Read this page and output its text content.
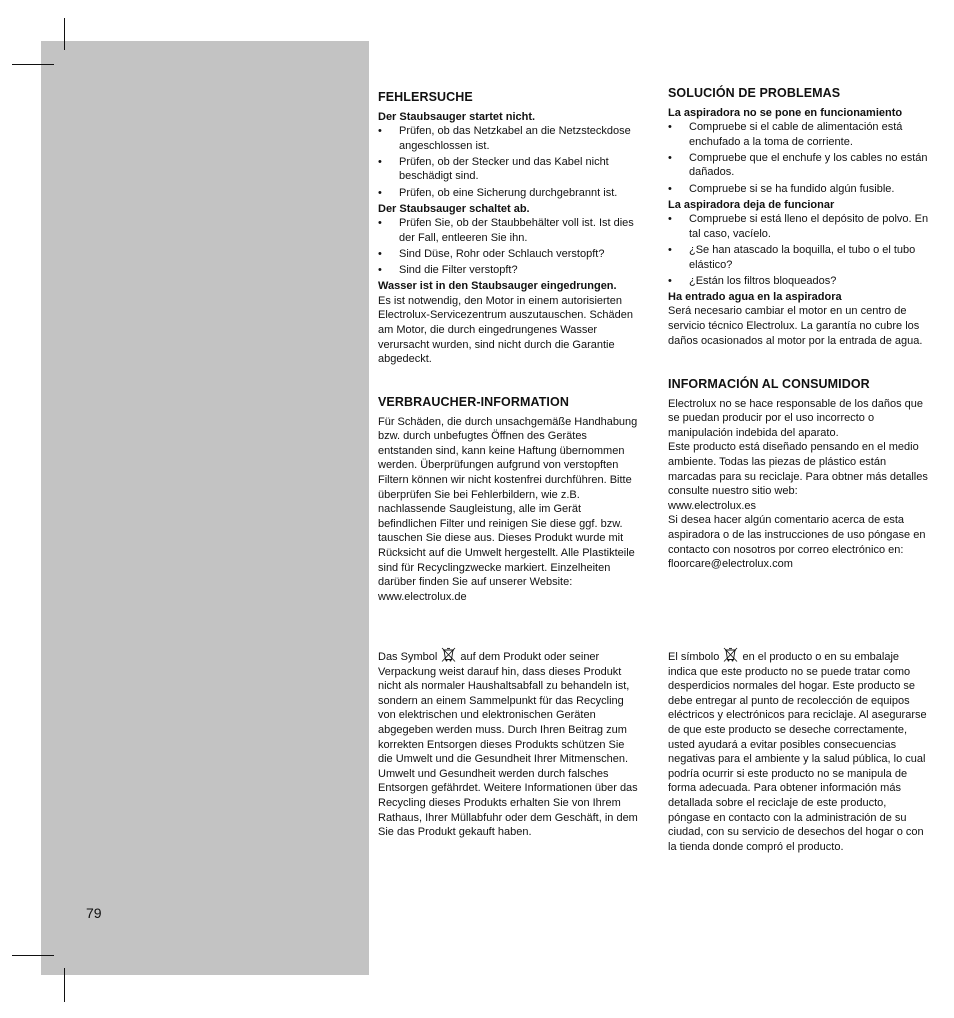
79
FEHLERSUCHE

Der Staubsauger startet nicht.

• Prüfen, ob das Netzkabel an die Netzsteckdose angeschlossen ist.
• Prüfen, ob der Stecker und das Kabel nicht beschädigt sind.
• Prüfen, ob eine Sicherung durchgebrannt ist.

Der Staubsauger schaltet ab.

• Prüfen Sie, ob der Staubbehälter voll ist. Ist dies der Fall, entleeren Sie ihn.
• Sind Düse, Rohr oder Schlauch verstopft?
• Sind die Filter verstopft?

Wasser ist in den Staubsauger eingedrungen.

Es ist notwendig, den Motor in einem autorisierten Electrolux-Servicezentrum auszutauschen. Schäden am Motor, die durch eingedrungenes Wasser verursacht wurden, sind nicht durch die Garantie abgedeckt.

VERBRAUCHER-INFORMATION

Für Schäden, die durch unsachgemäße Handhabung bzw. durch unbefugtes Öffnen des Gerätes entstanden sind, kann keine Haftung übernommen werden. Überprüfungen aufgrund von verstopften Filtern können wir nicht kostenfrei durchführen. Bitte überprüfen Sie bei Fehlerbildern, wie z.B. nachlassende Saugleistung, alle im Gerät befindlichen Filter und reinigen Sie diese ggf. bzw. tauschen Sie diese aus. Dieses Produkt wurde mit Rücksicht auf die Umwelt hergestellt. Alle Plastikteile sind für Recyclingzwecke markiert. Einzelheiten darüber finden Sie auf unserer Website:

www.electrolux.de

Das Symbol  auf dem Produkt oder seiner Verpackung weist darauf hin, dass dieses Produkt nicht als normaler Haushaltsabfall zu behandeln ist, sondern an einem Sammelpunkt für das Recycling von elektrischen und elektronischen Geräten abgegeben werden muss. Durch Ihren Beitrag zum korrekten Entsorgen dieses Produkts schützen Sie die Umwelt und die Gesundheit Ihrer Mitmenschen. Umwelt und Gesundheit werden durch falsches Entsorgen gefährdet. Weitere Informationen über das Recycling dieses Produkts erhalten Sie von Ihrem Rathaus, Ihrer Müllabfuhr oder dem Geschäft, in dem Sie das Produkt gekauft haben.

SOLUCIÓN DE PROBLEMAS

La aspiradora no se pone en funcionamiento

• Compruebe si el cable de alimentación está enchufado a la toma de corriente.
• Compruebe que el enchufe y los cables no están dañados.
• Compruebe si se ha fundido algún fusible.

La aspiradora deja de funcionar

• Compruebe si está lleno el depósito de polvo. En tal caso, vacíelo.
• ¿Se han atascado la boquilla, el tubo o el tubo elástico?
• ¿Están los filtros bloqueados?

Ha entrado agua en la aspiradora

Será necesario cambiar el motor en un centro de servicio técnico Electrolux. La garantía no cubre los daños ocasionados al motor por la entrada de agua.

INFORMACIÓN AL CONSUMIDOR

Electrolux no se hace responsable de los daños que se puedan producir por el uso incorrecto o manipulación indebida del aparato.

Este producto está diseñado pensando en el medio ambiente. Todas las piezas de plástico están marcadas para su reciclaje. Para obtner más detalles consulte nuestro sitio web:

www.electrolux.es

Si desea hacer algún comentario acerca de esta aspiradora o de las instrucciones de uso póngase en contacto con nosotros por correo electrónico en:

floorcare@electrolux.com

El símbolo  en el producto o en su embalaje indica que este producto no se puede tratar como desperdicios normales del hogar. Este producto se debe entregar al punto de recolección de equipos eléctricos y electrónicos para reciclaje. Al asegurarse de que este producto se deseche correctamente, usted ayudará a evitar posibles consecuencias negativas para el ambiente y la salud pública, lo cual podría ocurrir si este producto no se manipula de forma adecuada. Para obtener información más detallada sobre el reciclaje de este producto, póngase en contacto con la administración de su ciudad, con su servicio de desechos del hogar o con la tienda donde compró el producto.
